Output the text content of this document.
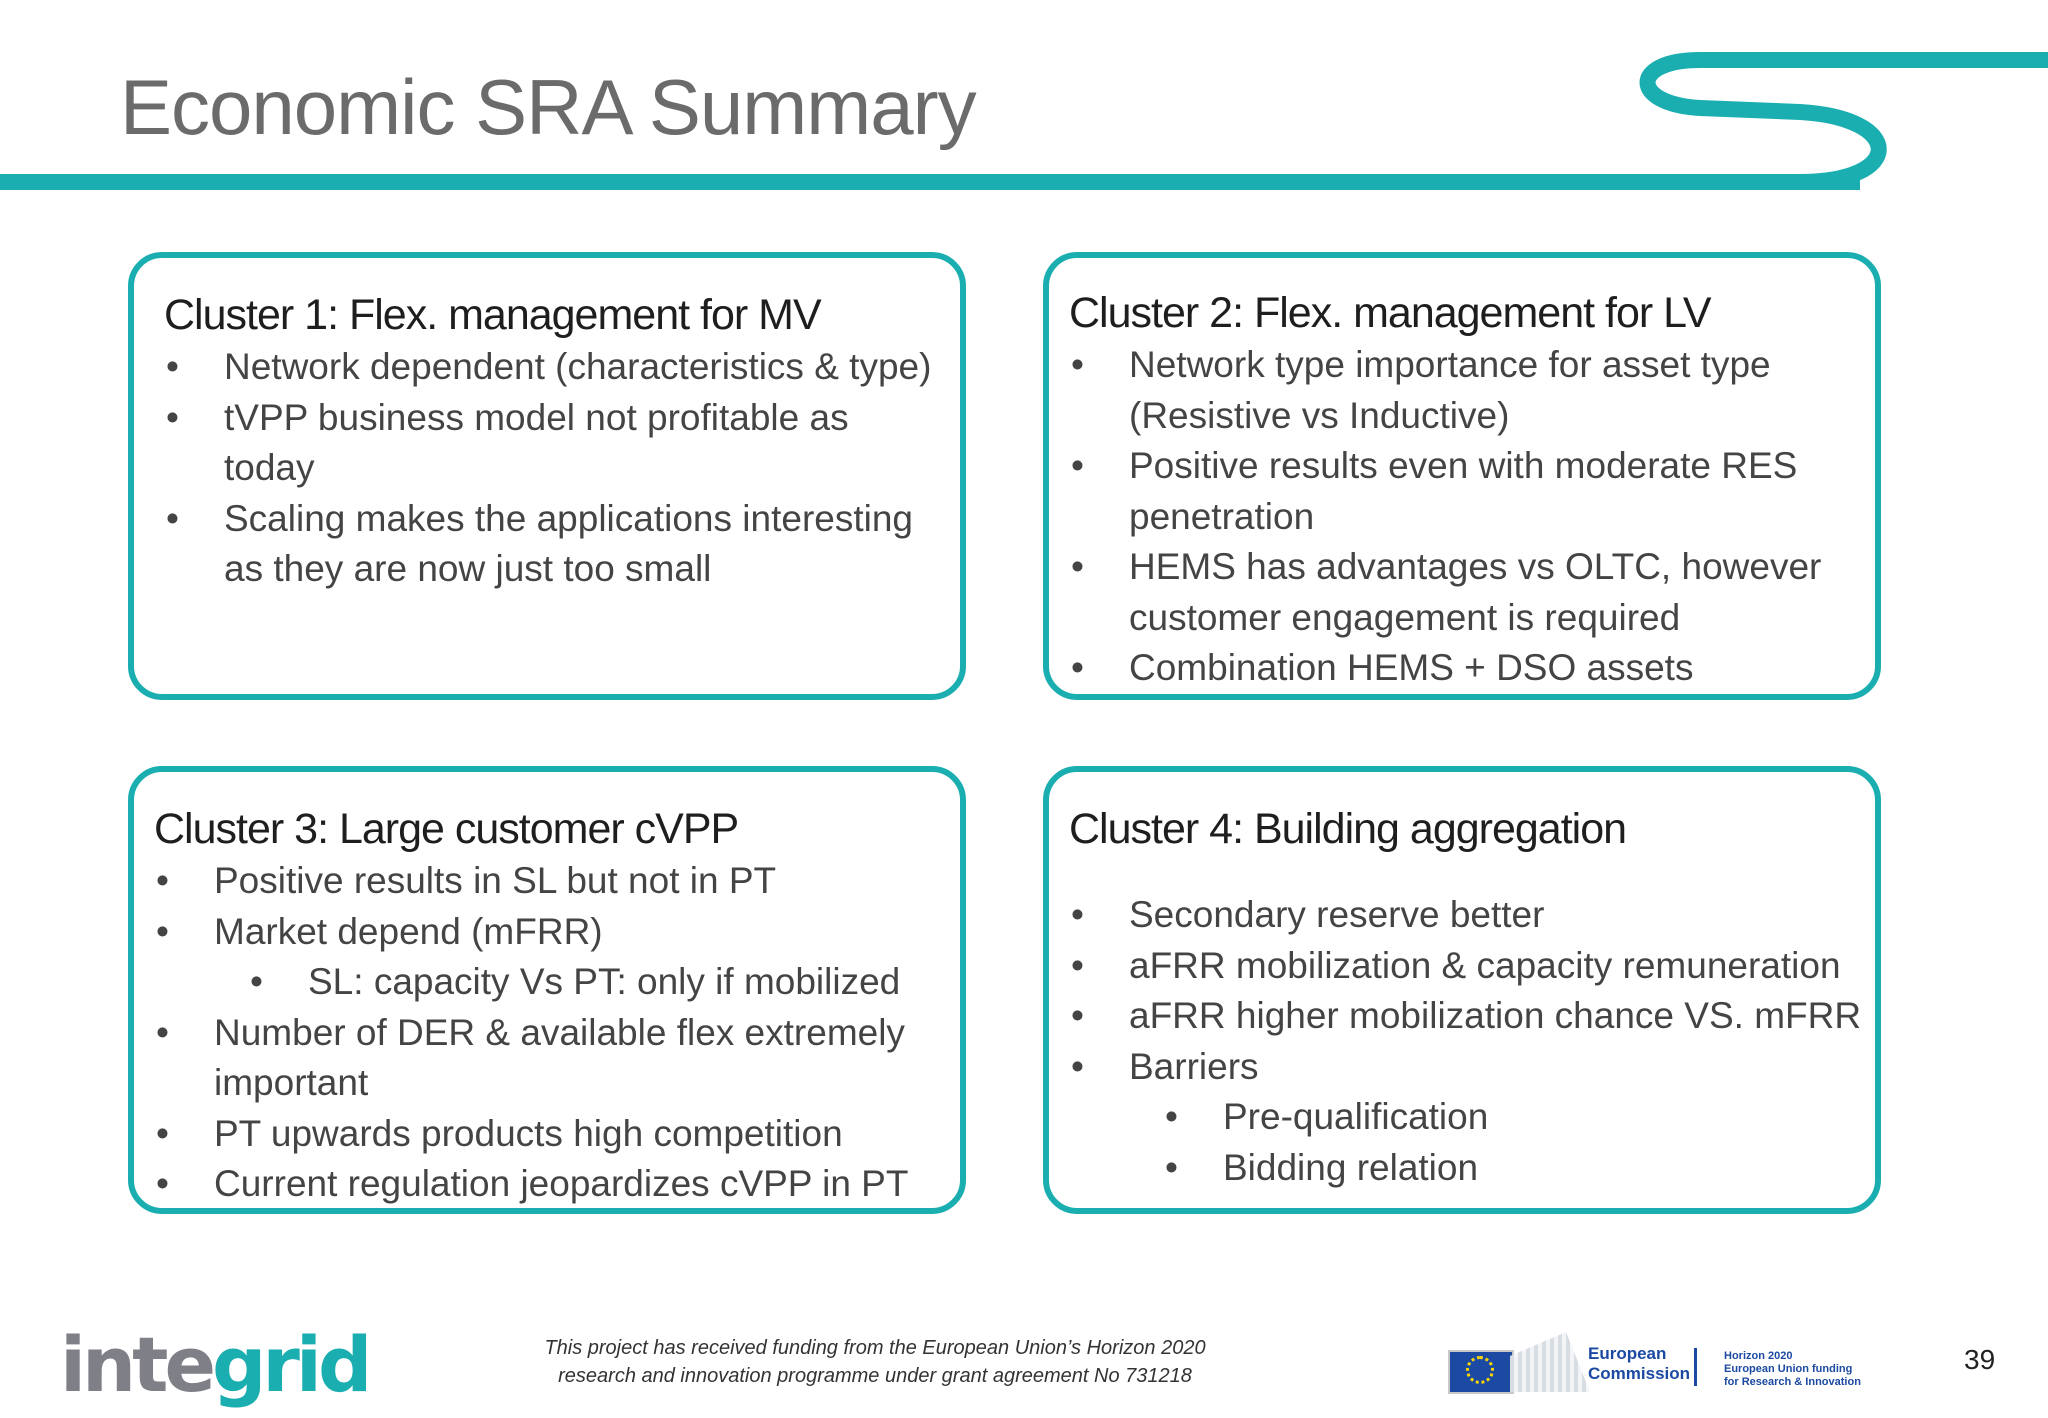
Economic SRA Summary
Cluster 1: Flex. management for MV
• Network dependent (characteristics & type)
• tVPP business model not profitable as today
• Scaling makes the applications interesting as they are now just too small
Cluster 2: Flex. management for LV
• Network type importance for asset type (Resistive vs Inductive)
• Positive results even with moderate RES penetration
• HEMS has advantages vs OLTC, however customer engagement is required
• Combination HEMS + DSO assets
Cluster 3: Large customer cVPP
• Positive results in SL but not in PT
• Market depend (mFRR)
• SL: capacity Vs PT: only if mobilized
• Number of DER & available flex extremely important
• PT upwards products high competition
• Current regulation jeopardizes cVPP in PT
Cluster 4: Building aggregation
• Secondary reserve better
• aFRR mobilization & capacity remuneration
• aFRR higher mobilization chance VS. mFRR
• Barriers
• Pre-qualification
• Bidding relation
integrid	This project has received funding from the European Union’s Horizon 2020
research and innovation programme under grant agreement No 731218
European
Commission
Horizon 2020
European Union funding
for Research & Innovation
39
